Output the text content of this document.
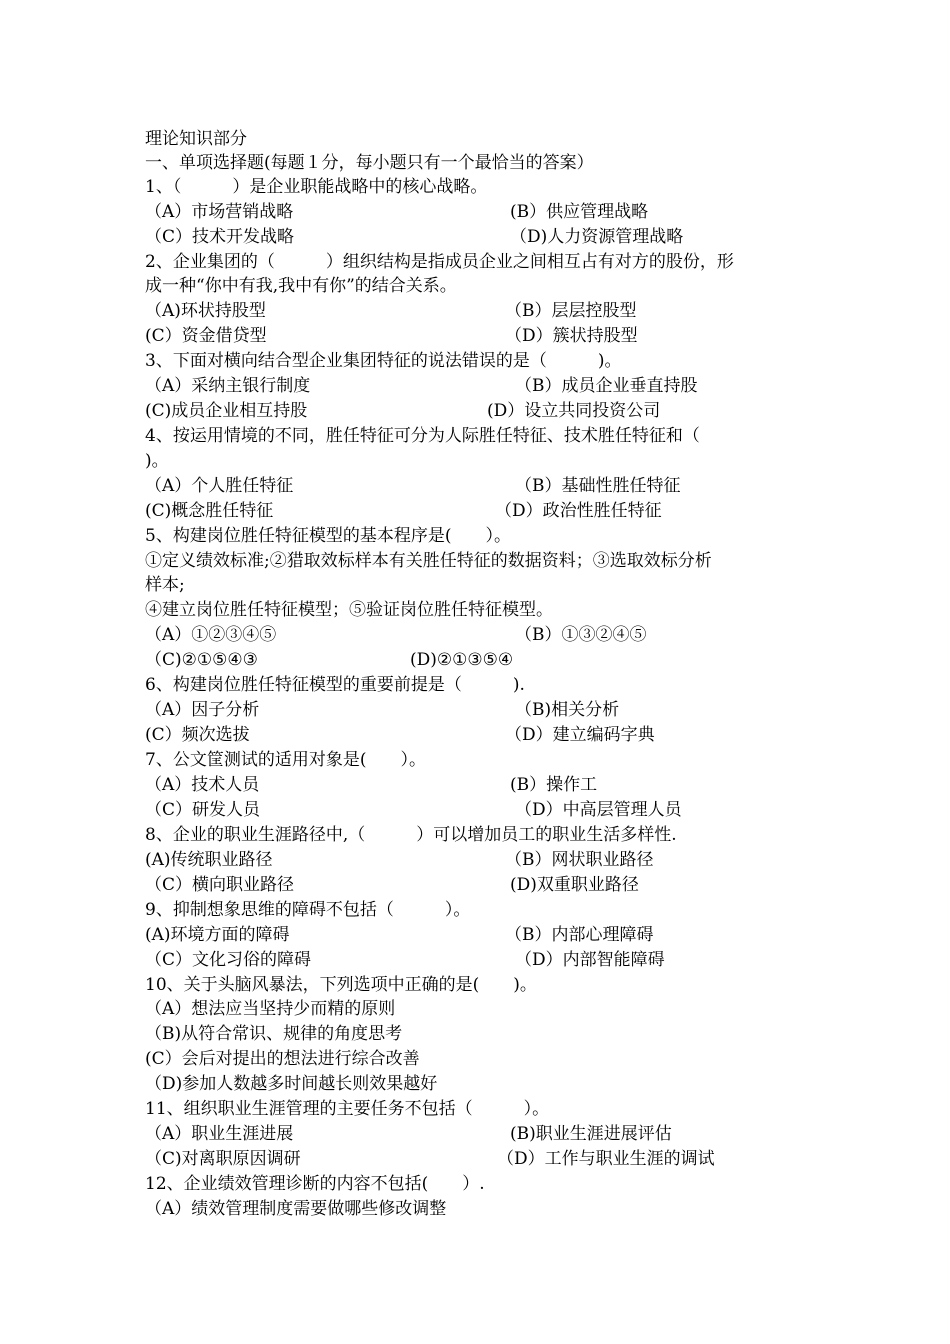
理论知识部分
一、单项选择题(每题１分，每小题只有一个最恰当的答案）
1、（　　　）是企业职能战略中的核心战略。
（A）市场营销战略	(B）供应管理战略
（C）技术开发战略	（D)人力资源管理战略
2、企业集团的（　　　）组织结构是指成员企业之间相互占有对方的股份，形
成一种“你中有我,我中有你”的结合关系。
（A)环状持股型	（B）层层控股型
(C）资金借贷型	（D）簇状持股型
3、下面对横向结合型企业集团特征的说法错误的是（　　　)。
（A）采纳主银行制度	（B）成员企业垂直持股
(C)成员企业相互持股	(D）设立共同投资公司
4、按运用情境的不同，胜任特征可分为人际胜任特征、技术胜任特征和（
)。
（A）个人胜任特征	（B）基础性胜任特征
(C)概念胜任特征	（D）政治性胜任特征
5、构建岗位胜任特征模型的基本程序是(　　）。
①定义绩效标准;②猎取效标样本有关胜任特征的数据资料；③选取效标分析
样本;
④建立岗位胜任特征模型；⑤验证岗位胜任特征模型。
（A）①②③④⑤	（B）①③②④⑤
（C)②①⑤④③	(D)②①③⑤④
6、构建岗位胜任特征模型的重要前提是（　　　).
（A）因子分析	（B)相关分析
(C）频次选拔	（D）建立编码字典
7、公文筐测试的适用对象是(　　）。
（A）技术人员	(B）操作工
（C）研发人员	（D）中高层管理人员
8、企业的职业生涯路径中,（　　　）可以增加员工的职业生活多样性.
(A)传统职业路径	（B）网状职业路径
（C）横向职业路径	(D)双重职业路径
9、抑制想象思维的障碍不包括（　　　）。
(A)环境方面的障碍	（B）内部心理障碍
（C）文化习俗的障碍	（D）内部智能障碍
10、关于头脑风暴法，下列选项中正确的是(　　)。
（A）想法应当坚持少而精的原则
（B)从符合常识、规律的角度思考
(C）会后对提出的想法进行综合改善
（D)参加人数越多时间越长则效果越好
11、组织职业生涯管理的主要任务不包括（　　　）。
（A）职业生涯进展	(B)职业生涯进展评估
（C)对离职原因调研	（D）工作与职业生涯的调试
12、企业绩效管理诊断的内容不包括(　　）.
（A）绩效管理制度需要做哪些修改调整
